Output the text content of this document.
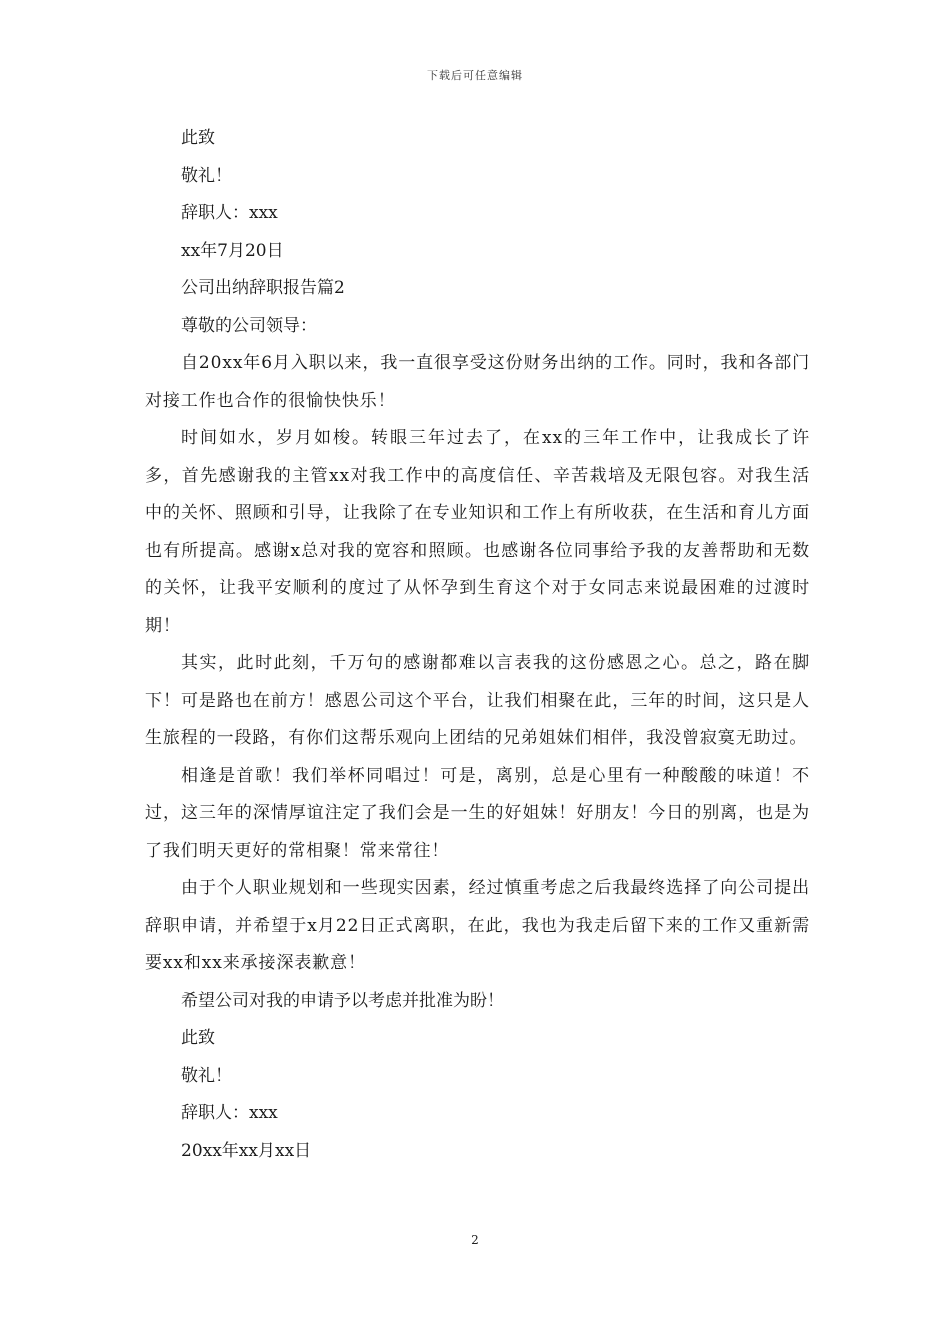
下载后可任意编辑

此致

敬礼！

辞职人：xxx

xx年7月20日

公司出纳辞职报告篇2

尊敬的公司领导：

自20xx年6月入职以来，我一直很享受这份财务出纳的工作。同时，我和各部门对接工作也合作的很愉快快乐！

时间如水，岁月如梭。转眼三年过去了，在xx的三年工作中，让我成长了许多，首先感谢我的主管xx对我工作中的高度信任、辛苦栽培及无限包容。对我生活中的关怀、照顾和引导，让我除了在专业知识和工作上有所收获，在生活和育儿方面也有所提高。感谢x总对我的宽容和照顾。也感谢各位同事给予我的友善帮助和无数的关怀，让我平安顺利的度过了从怀孕到生育这个对于女同志来说最困难的过渡时期！

其实，此时此刻，千万句的感谢都难以言表我的这份感恩之心。总之，路在脚下！可是路也在前方！感恩公司这个平台，让我们相聚在此，三年的时间，这只是人生旅程的一段路，有你们这帮乐观向上团结的兄弟姐妹们相伴，我没曾寂寞无助过。

相逢是首歌！我们举杯同唱过！可是，离别，总是心里有一种酸酸的味道！不过，这三年的深情厚谊注定了我们会是一生的好姐妹！好朋友！今日的别离，也是为了我们明天更好的常相聚！常来常往！

由于个人职业规划和一些现实因素，经过慎重考虑之后我最终选择了向公司提出辞职申请，并希望于x月22日正式离职，在此，我也为我走后留下来的工作又重新需要xx和xx来承接深表歉意！

希望公司对我的申请予以考虑并批准为盼！

此致

敬礼！

辞职人：xxx

20xx年xx月xx日

2
